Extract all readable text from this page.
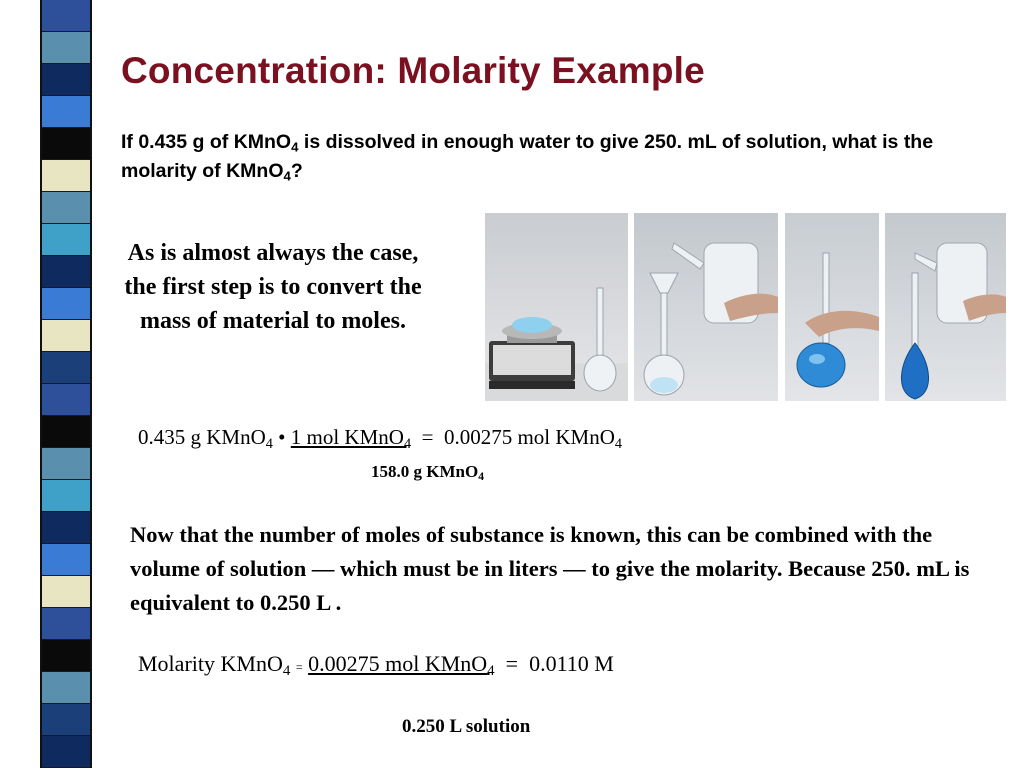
Concentration: Molarity Example
If 0.435 g of KMnO$_4$ is dissolved in enough water to give 250. mL of solution, what is the molarity of KMnO$_4$?
As is almost always the case, the first step is to convert the mass of material to moles.
0.435 g KMnO$_4$ • 1 mol KMnO$_4$ = 0.00275 mol KMnO$_4$
158.0 g KMnO$_4$
Now that the number of moles of substance is known, this can be combined with the volume of solution — which must be in liters — to give the molarity. Because 250. mL is equivalent to 0.250 L .
Molarity KMnO$_4$ = 0.00275 mol KMnO$_4$ = 0.0110 M
0.250 L solution
